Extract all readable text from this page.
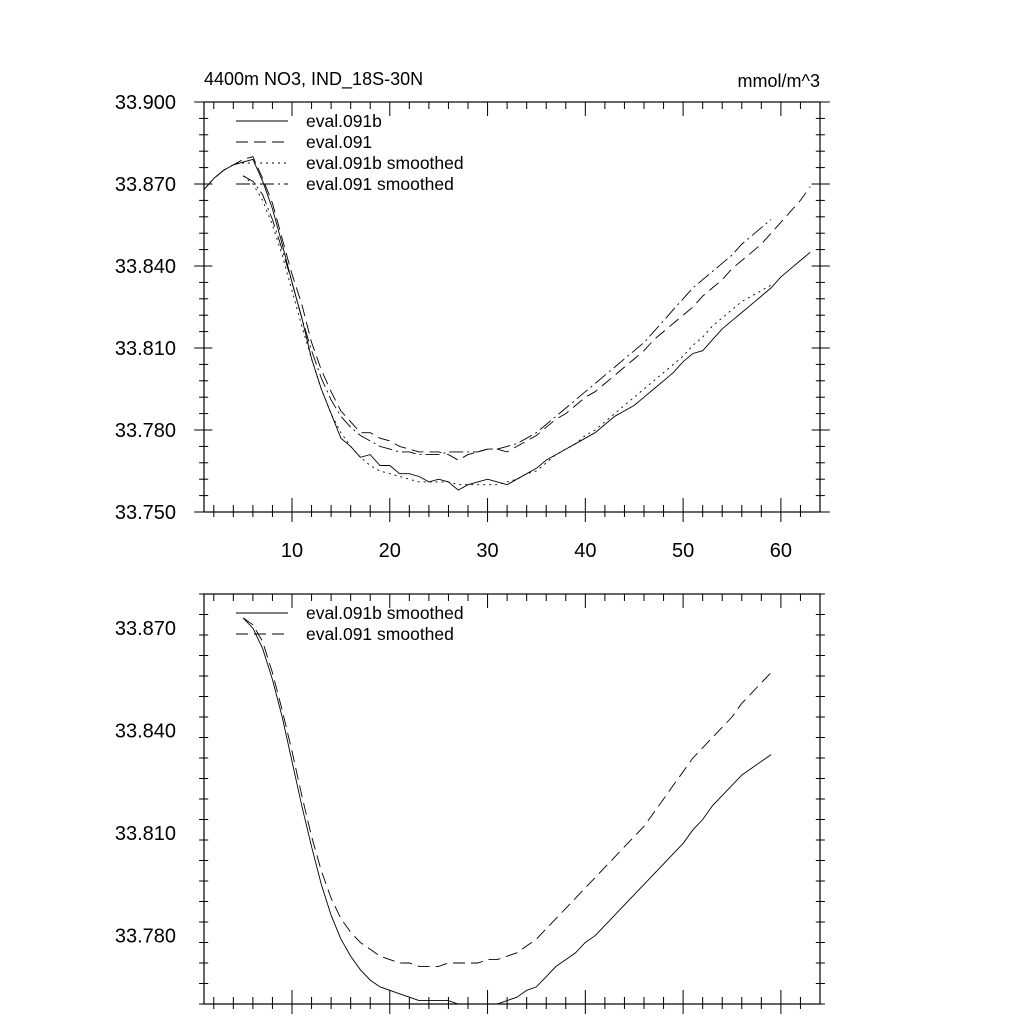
4400m NO3, IND_18S-30N	mmol/m^3
33.750
33.780
33.810
33.840
33.870
33.900
10	20	30	40	50	60
eval.091b
eval.091
eval.091b smoothed
eval.091 smoothed
33.780
33.810
33.840
33.870
eval.091b smoothed
eval.091 smoothed
